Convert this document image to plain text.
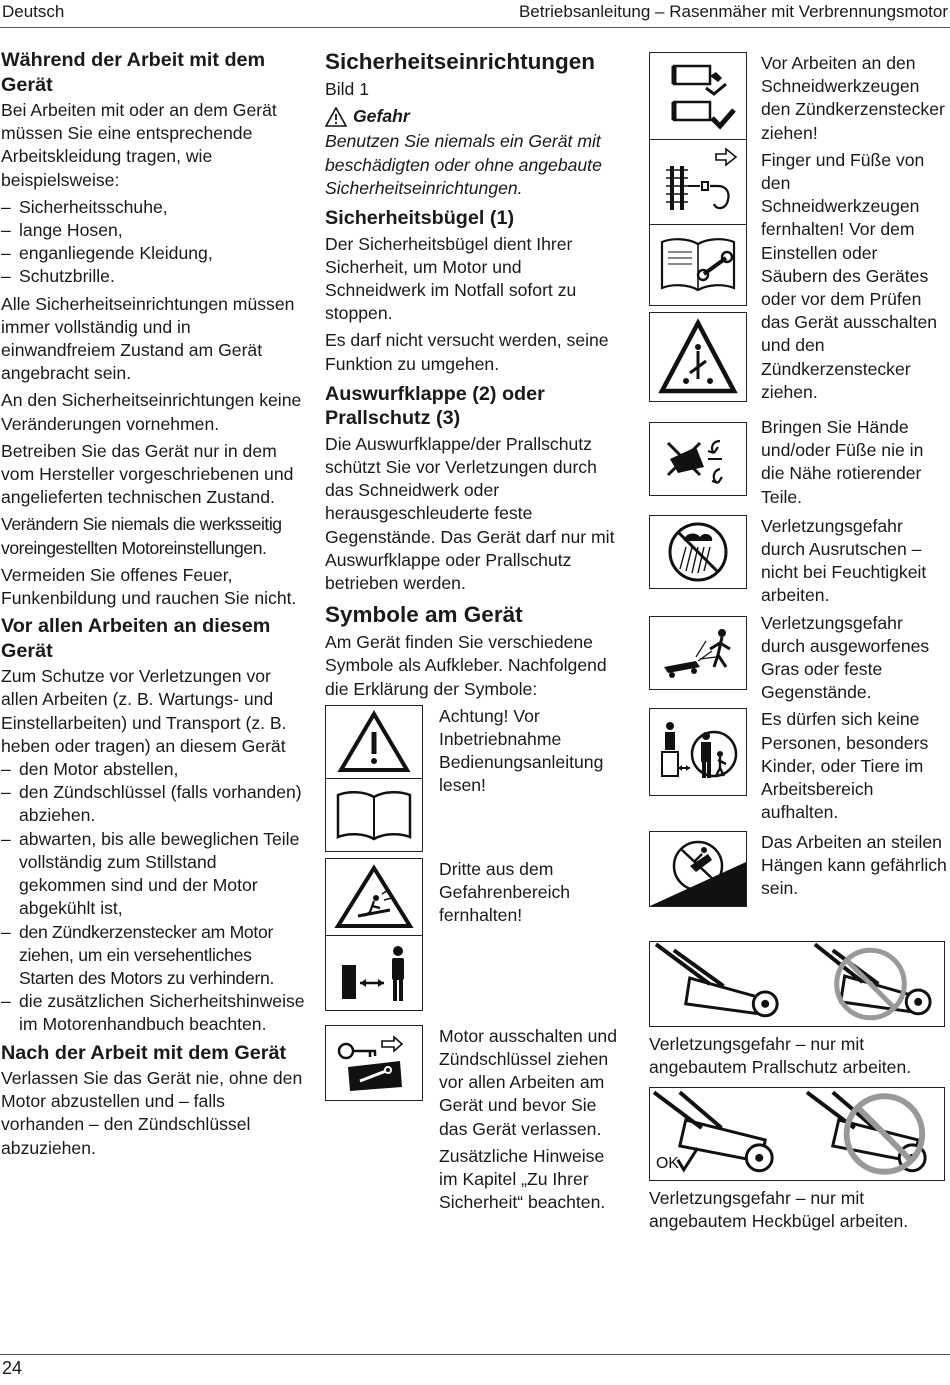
Deutsch	Betriebsanleitung – Rasenmäher mit Verbrennungsmotor
Während der Arbeit mit dem Gerät

Bei Arbeiten mit oder an dem Gerät müssen Sie eine entsprechende Arbeitskleidung tragen, wie beispielsweise:

– Sicherheitsschuhe,
– lange Hosen,
– enganliegende Kleidung,
– Schutzbrille.

Alle Sicherheitseinrichtungen müssen immer vollständig und in einwandfreiem Zustand am Gerät angebracht sein.

An den Sicherheitseinrichtungen keine Veränderungen vornehmen.

Betreiben Sie das Gerät nur in dem vom Hersteller vorgeschriebenen und angelieferten technischen Zustand.

Verändern Sie niemals die werksseitig voreingestellten Motoreinstellungen.

Vermeiden Sie offenes Feuer, Funkenbildung und rauchen Sie nicht.

Vor allen Arbeiten an diesem Gerät

Zum Schutze vor Verletzungen vor allen Arbeiten (z. B. Wartungs- und Einstellarbeiten) und Transport (z. B. heben oder tragen) an diesem Gerät

– den Motor abstellen,
– den Zündschlüssel (falls vorhanden) abziehen.
– abwarten, bis alle beweglichen Teile vollständig zum Stillstand gekommen sind und der Motor abgekühlt ist,
– den Zündkerzenstecker am Motor ziehen, um ein versehentliches Starten des Motors zu verhindern.
– die zusätzlichen Sicherheitshinweise im Motorenhandbuch beachten.
Nach der Arbeit mit dem Gerät

Verlassen Sie das Gerät nie, ohne den Motor abzustellen und – falls vorhanden – den Zündschlüssel abzuziehen.

Sicherheitseinrichtungen

Bild 1

Gefahr

Benutzen Sie niemals ein Gerät mit beschädigten oder ohne angebaute Sicherheitseinrichtungen.

Sicherheitsbügel (1)

Der Sicherheitsbügel dient Ihrer Sicherheit, um Motor und Schneidwerk im Notfall sofort zu stoppen.

Es darf nicht versucht werden, seine Funktion zu umgehen.

Auswurfklappe (2) oder Prallschutz (3)

Die Auswurfklappe/der Prallschutz schützt Sie vor Verletzungen durch das Schneidwerk oder herausgeschleuderte feste Gegenstände. Das Gerät darf nur mit Auswurfklappe oder Prallschutz betrieben werden.

Symbole am Gerät

Am Gerät finden Sie verschiedene Symbole als Aufkleber. Nachfolgend die Erklärung der Symbole:

Achtung! Vor Inbetriebnahme Bedienungsanleitung lesen!
Dritte aus dem Gefahrenbereich fernhalten!

Motor ausschalten und Zündschlüssel ziehen vor allen Arbeiten am Gerät und bevor Sie das Gerät verlassen.

Zusätzliche Hinweise im Kapitel „Zu Ihrer Sicherheit“ beachten.

Vor Arbeiten an den Schneidwerkzeugen den Zündkerzenstecker ziehen!

Finger und Füße von den Schneidwerkzeugen fernhalten! Vor dem Einstellen oder Säubern des Gerätes oder vor dem Prüfen das Gerät ausschalten und den Zündkerzenstecker ziehen.

Bringen Sie Hände und/oder Füße nie in die Nähe rotierender Teile.
Verletzungsgefahr durch Ausrutschen – nicht bei Feuchtigkeit arbeiten.
Verletzungsgefahr durch ausgeworfenes Gras oder feste Gegenstände.
Es dürfen sich keine Personen, besonders Kinder, oder Tiere im Arbeitsbereich aufhalten.
Das Arbeiten an steilen Hängen kann gefährlich sein.

Verletzungsgefahr – nur mit angebautem Prallschutz arbeiten.

OK

Verletzungsgefahr – nur mit angebautem Heckbügel arbeiten.

24
